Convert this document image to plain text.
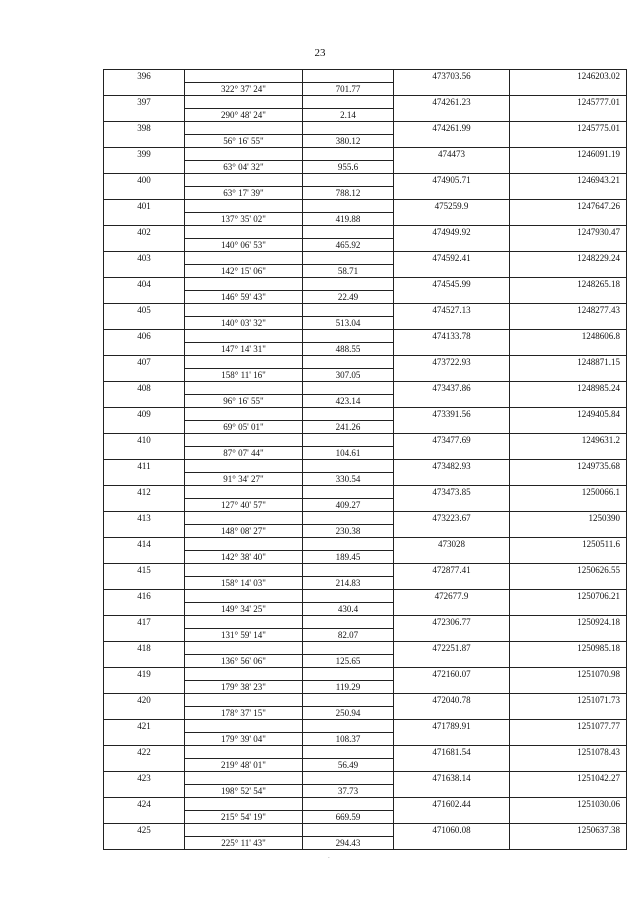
23
396			473703.56	1246203.02
	322° 37' 24"	701.77		
397			474261.23	1245777.01
	290° 48' 24"	2.14		
398			474261.99	1245775.01
	56° 16' 55"	380.12		
399			474473	1246091.19
	63° 04' 32"	955.6		
400			474905.71	1246943.21
	63° 17' 39"	788.12		
401			475259.9	1247647.26
	137° 35' 02"	419.88		
402			474949.92	1247930.47
	140° 06' 53"	465.92		
403			474592.41	1248229.24
	142° 15' 06"	58.71		
404			474545.99	1248265.18
	146° 59' 43"	22.49		
405			474527.13	1248277.43
	140° 03' 32"	513.04		
406			474133.78	1248606.8
	147° 14' 31"	488.55		
407			473722.93	1248871.15
	158° 11' 16"	307.05		
408			473437.86	1248985.24
	96° 16' 55"	423.14		
409			473391.56	1249405.84
	69° 05' 01"	241.26		
410			473477.69	1249631.2
	87° 07' 44"	104.61		
411			473482.93	1249735.68
	91° 34' 27"	330.54		
412			473473.85	1250066.1
	127° 40' 57"	409.27		
413			473223.67	1250390
	148° 08' 27"	230.38		
414			473028	1250511.6
	142° 38' 40"	189.45		
415			472877.41	1250626.55
	158° 14' 03"	214.83		
416			472677.9	1250706.21
	149° 34' 25"	430.4		
417			472306.77	1250924.18
	131° 59' 14"	82.07		
418			472251.87	1250985.18
	136° 56' 06"	125.65		
419			472160.07	1251070.98
	179° 38' 23"	119.29		
420			472040.78	1251071.73
	178° 37' 15"	250.94		
421			471789.91	1251077.77
	179° 39' 04"	108.37		
422			471681.54	1251078.43
	219° 48' 01"	56.49		
423			471638.14	1251042.27
	198° 52' 54"	37.73		
424			471602.44	1251030.06
	215° 54' 19"	669.59		
425			471060.08	1250637.38
	225° 11' 43"	294.43		
.
